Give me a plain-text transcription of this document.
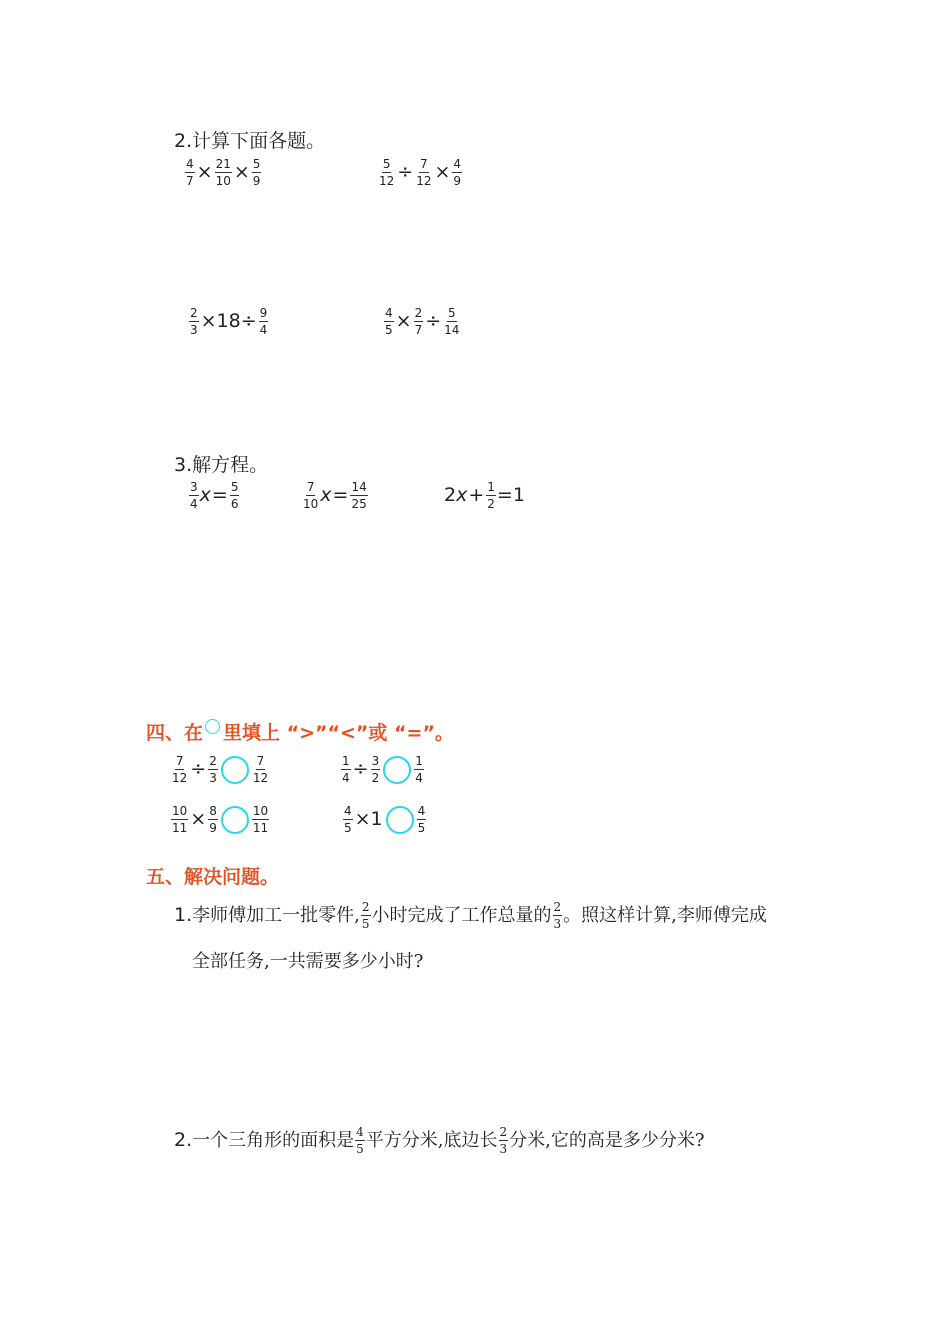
2.计算下面各题。
$\frac{4}{7} \times \frac{21}{10} \times \frac{5}{9}$	$\frac{5}{12} \div \frac{7}{12} \times \frac{4}{9}$
$\frac{2}{3} \times 18\div \frac{9}{4}$	$\frac{4}{5} \times \frac{2}{7} \div \frac{5}{14}$
3.解方程。
$\frac{3}{4}$ $x = \frac{5}{6}$	$\frac{7}{10}$ $x = \frac{14}{25}$	2 $x + \frac{1}{2} =1$
四、在 里填上 “>”“<”或 “=”。
$\frac{7}{12} \div \frac{2}{3}$	$\frac{7}{12}$	$\frac{1}{4} \div \frac{3}{2}$	$\frac{1}{4}$
$\frac{10}{11} \times \frac{8}{9}$	$\frac{10}{11}$	$\frac{4}{5} \times 1$	$\frac{4}{5}$
五、解决问题。
1. 李师傅加工一批零件, $\frac{2}{5}$ 小时完成了工作总量的 $\frac{2}{3}$ 。照这样计算,李师傅完成
全部任务,一共需要多少小时?
2. 一个三角形的面积是 $\frac{4}{5}$ 平方分米,底边长 $\frac{2}{3}$ 分米,它的高是多少分米?
